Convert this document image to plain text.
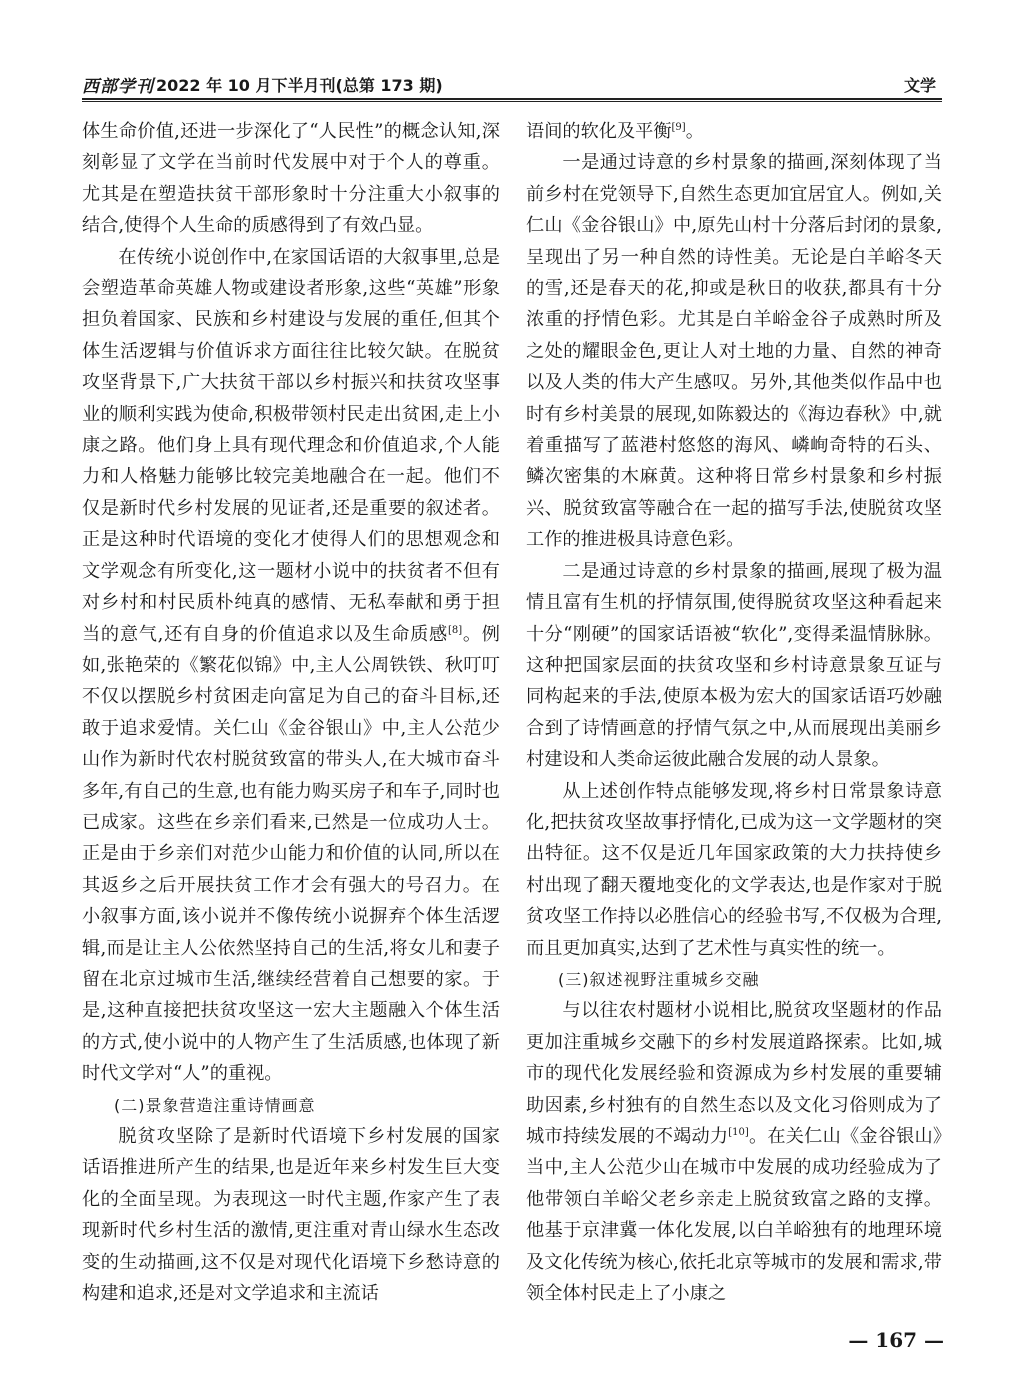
西部学刊 2022 年 10 月下半月刊(总第 173 期)	文学

体生命价值,还进一步深化了“人民性”的概念认知,深刻彰显了文学在当前时代发展中对于个人的尊重。尤其是在塑造扶贫干部形象时十分注重大小叙事的结合,使得个人生命的质感得到了有效凸显。

在传统小说创作中,在家国话语的大叙事里,总是会塑造革命英雄人物或建设者形象,这些“英雄”形象担负着国家、民族和乡村建设与发展的重任,但其个体生活逻辑与价值诉求方面往往比较欠缺。在脱贫攻坚背景下,广大扶贫干部以乡村振兴和扶贫攻坚事业的顺利实践为使命,积极带领村民走出贫困,走上小康之路。他们身上具有现代理念和价值追求,个人能力和人格魅力能够比较完美地融合在一起。他们不仅是新时代乡村发展的见证者,还是重要的叙述者。正是这种时代语境的变化才使得人们的思想观念和文学观念有所变化,这一题材小说中的扶贫者不但有对乡村和村民质朴纯真的感情、无私奉献和勇于担当的意气,还有自身的价值追求以及生命质感[8]。例如,张艳荣的《繁花似锦》中,主人公周铁铁、秋叮叮不仅以摆脱乡村贫困走向富足为自己的奋斗目标,还敢于追求爱情。关仁山《金谷银山》中,主人公范少山作为新时代农村脱贫致富的带头人,在大城市奋斗多年,有自己的生意,也有能力购买房子和车子,同时也已成家。这些在乡亲们看来,已然是一位成功人士。正是由于乡亲们对范少山能力和价值的认同,所以在其返乡之后开展扶贫工作才会有强大的号召力。在小叙事方面,该小说并不像传统小说摒弃个体生活逻辑,而是让主人公依然坚持自己的生活,将女儿和妻子留在北京过城市生活,继续经营着自己想要的家。于是,这种直接把扶贫攻坚这一宏大主题融入个体生活的方式,使小说中的人物产生了生活质感,也体现了新时代文学对“人”的重视。

(二)景象营造注重诗情画意

脱贫攻坚除了是新时代语境下乡村发展的国家话语推进所产生的结果,也是近年来乡村发生巨大变化的全面呈现。为表现这一时代主题,作家产生了表现新时代乡村生活的激情,更注重对青山绿水生态改变的生动描画,这不仅是对现代化语境下乡愁诗意的构建和追求,还是对文学追求和主流话

语间的软化及平衡[9]。

一是通过诗意的乡村景象的描画,深刻体现了当前乡村在党领导下,自然生态更加宜居宜人。例如,关仁山《金谷银山》中,原先山村十分落后封闭的景象,呈现出了另一种自然的诗性美。无论是白羊峪冬天的雪,还是春天的花,抑或是秋日的收获,都具有十分浓重的抒情色彩。尤其是白羊峪金谷子成熟时所及之处的耀眼金色,更让人对土地的力量、自然的神奇以及人类的伟大产生感叹。另外,其他类似作品中也时有乡村美景的展现,如陈毅达的《海边春秋》中,就着重描写了蓝港村悠悠的海风、嶙峋奇特的石头、鳞次密集的木麻黄。这种将日常乡村景象和乡村振兴、脱贫致富等融合在一起的描写手法,使脱贫攻坚工作的推进极具诗意色彩。

二是通过诗意的乡村景象的描画,展现了极为温情且富有生机的抒情氛围,使得脱贫攻坚这种看起来十分“刚硬”的国家话语被“软化”,变得柔温情脉脉。这种把国家层面的扶贫攻坚和乡村诗意景象互证与同构起来的手法,使原本极为宏大的国家话语巧妙融合到了诗情画意的抒情气氛之中,从而展现出美丽乡村建设和人类命运彼此融合发展的动人景象。

从上述创作特点能够发现,将乡村日常景象诗意化,把扶贫攻坚故事抒情化,已成为这一文学题材的突出特征。这不仅是近几年国家政策的大力扶持使乡村出现了翻天覆地变化的文学表达,也是作家对于脱贫攻坚工作持以必胜信心的经验书写,不仅极为合理,而且更加真实,达到了艺术性与真实性的统一。

(三)叙述视野注重城乡交融

与以往农村题材小说相比,脱贫攻坚题材的作品更加注重城乡交融下的乡村发展道路探索。比如,城市的现代化发展经验和资源成为乡村发展的重要辅助因素,乡村独有的自然生态以及文化习俗则成为了城市持续发展的不竭动力[10]。在关仁山《金谷银山》当中,主人公范少山在城市中发展的成功经验成为了他带领白羊峪父老乡亲走上脱贫致富之路的支撑。他基于京津冀一体化发展,以白羊峪独有的地理环境及文化传统为核心,依托北京等城市的发展和需求,带领全体村民走上了小康之

— 167 —
